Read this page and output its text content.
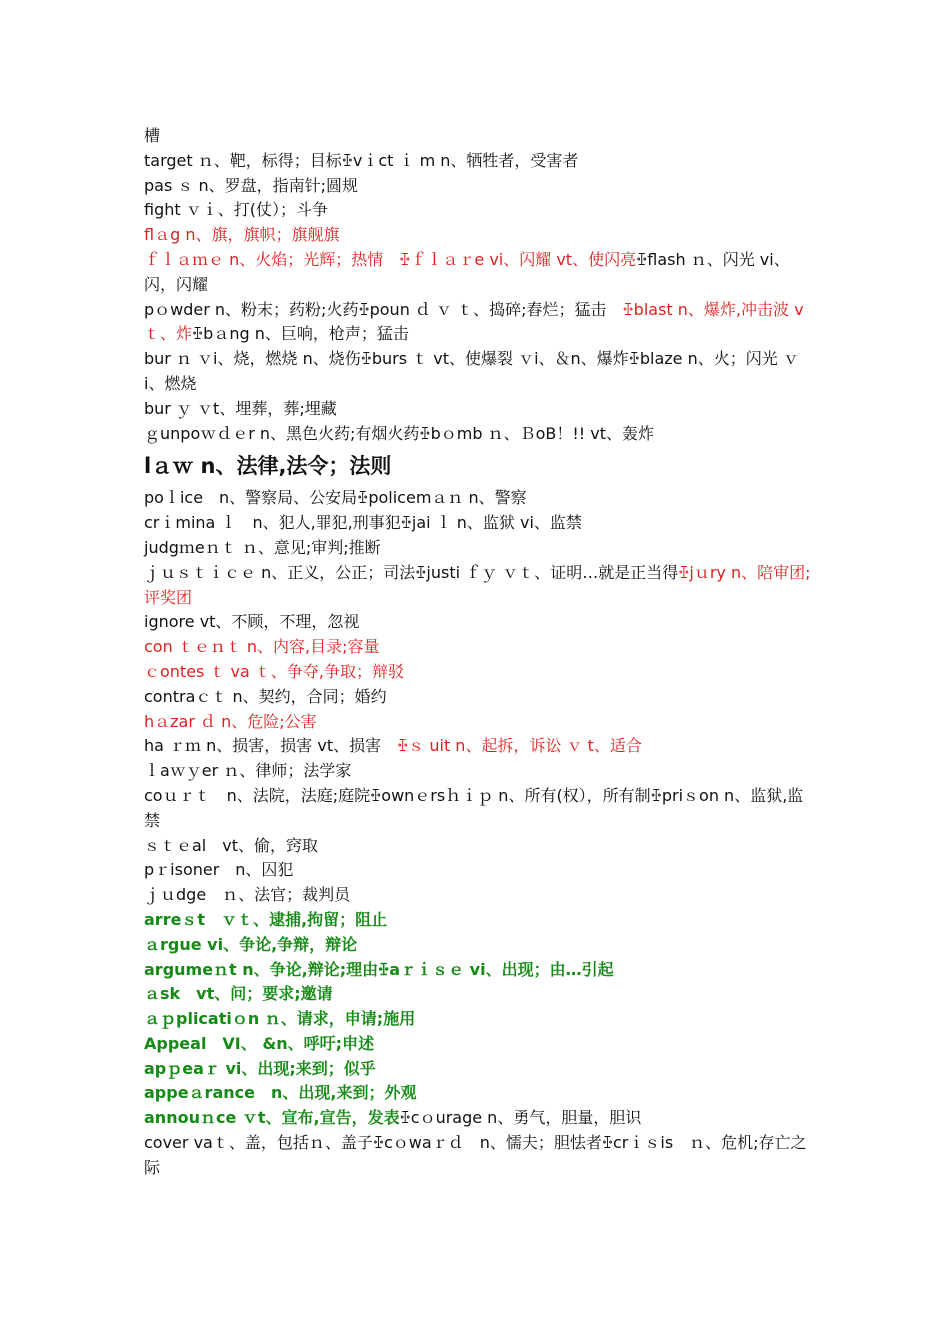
槽
target ｎ、靶，标得；目标ꔀvｉct ｉ m n、牺牲者，受害者
pas ｓ n、罗盘，指南针;圆规
fight ｖｉ、打(仗）；斗争
flａg n、旗，旗帜；旗舰旗
ｆｌａｍｅ n、火焰；光辉；热情　ꔀｆｌａｒe vi、闪耀 vt、使闪亮ꔀflash ｎ、闪光 vi、闪，闪耀
pｏwder n、粉末；药粉;火药ꔀpoun ｄ ｖ ｔ、捣碎;舂烂；猛击　 ꔀblast n、爆炸,冲击波 v ｔ、炸ꔀbａng n、巨响，枪声；猛击
bur ｎ ｖi、烧，燃烧 n、烧伤ꔀburs ｔ vt、使爆裂 ｖi、＆n、爆炸ꔀblaze n、火；闪光 ｖi、燃烧
bur ｙ ｖt、埋葬，葬;埋藏
ｇunpoｗｄｅr n、黑色火药;有烟火药ꔀbｏmb ｎ、ＢoB！!! vt、轰炸
lａｗ n、法律,法令；法则
poｌice　n、警察局、公安局ꔀpolicemａｎ n、警察
crｉmina ｌ　n、犯人,罪犯,刑事犯ꔀjai ｌ n、监狱 vi、监禁
judgｍeｎｔ ｎ、意见;审判;推断
ｊｕｓｔｉｃｅ n、正义，公正；司法ꔀjusti ｆｙ ｖｔ、证明…就是正当得ꔀjｕry n、陪审团;评奖团
ignore vt、不顾，不理，忽视
con ｔｅｎｔ n、内容,目录;容量
ｃontes ｔ va ｔ、争夺,争取；辩驳
contraｃｔ n、契约，合同；婚约
hａzar ｄ n、危险;公害
ha ｒｍ n、损害，损害 vt、损害　 ꔀｓ uit n、起拆，诉讼 ｖ t、适合
ｌaｗｙer ｎ、律师；法学家
coｕｒｔ　n、法院，法庭;庭院ꔀownｅrsｈｉｐ n、所有(权），所有制ꔀpriｓon n、监狱,监禁
ｓｔｅal　vt、偷，窍取
pｒisoner　n、囚犯
ｊｕdge　ｎ、法官；裁判员
arreｓt　ｖｔ、逮捕,拘留；阻止
ａrgue vi、争论,争辩，辩论
argumeｎt n、争论,辩论;理由ꔀaｒｉｓｅ vi、出现；由…引起
ａsk　vt、问；要求;邀请
ａｐplicatiｏn ｎ、请求，申请;施用
Appeal　VI、 &n、呼吁;申述
apｐeaｒ vi、出现;来到；似乎
appeａrance　n、出现,来到；外观
annouｎce ｖt、宣布,宣告，发表ꔀcｏurage n、勇气，胆量，胆识
cover vaｔ、盖，包括ｎ、盖子ꔀcｏwaｒｄ　n、懦夫；胆怯者ꔀcrｉｓis　ｎ、危机;存亡之际
